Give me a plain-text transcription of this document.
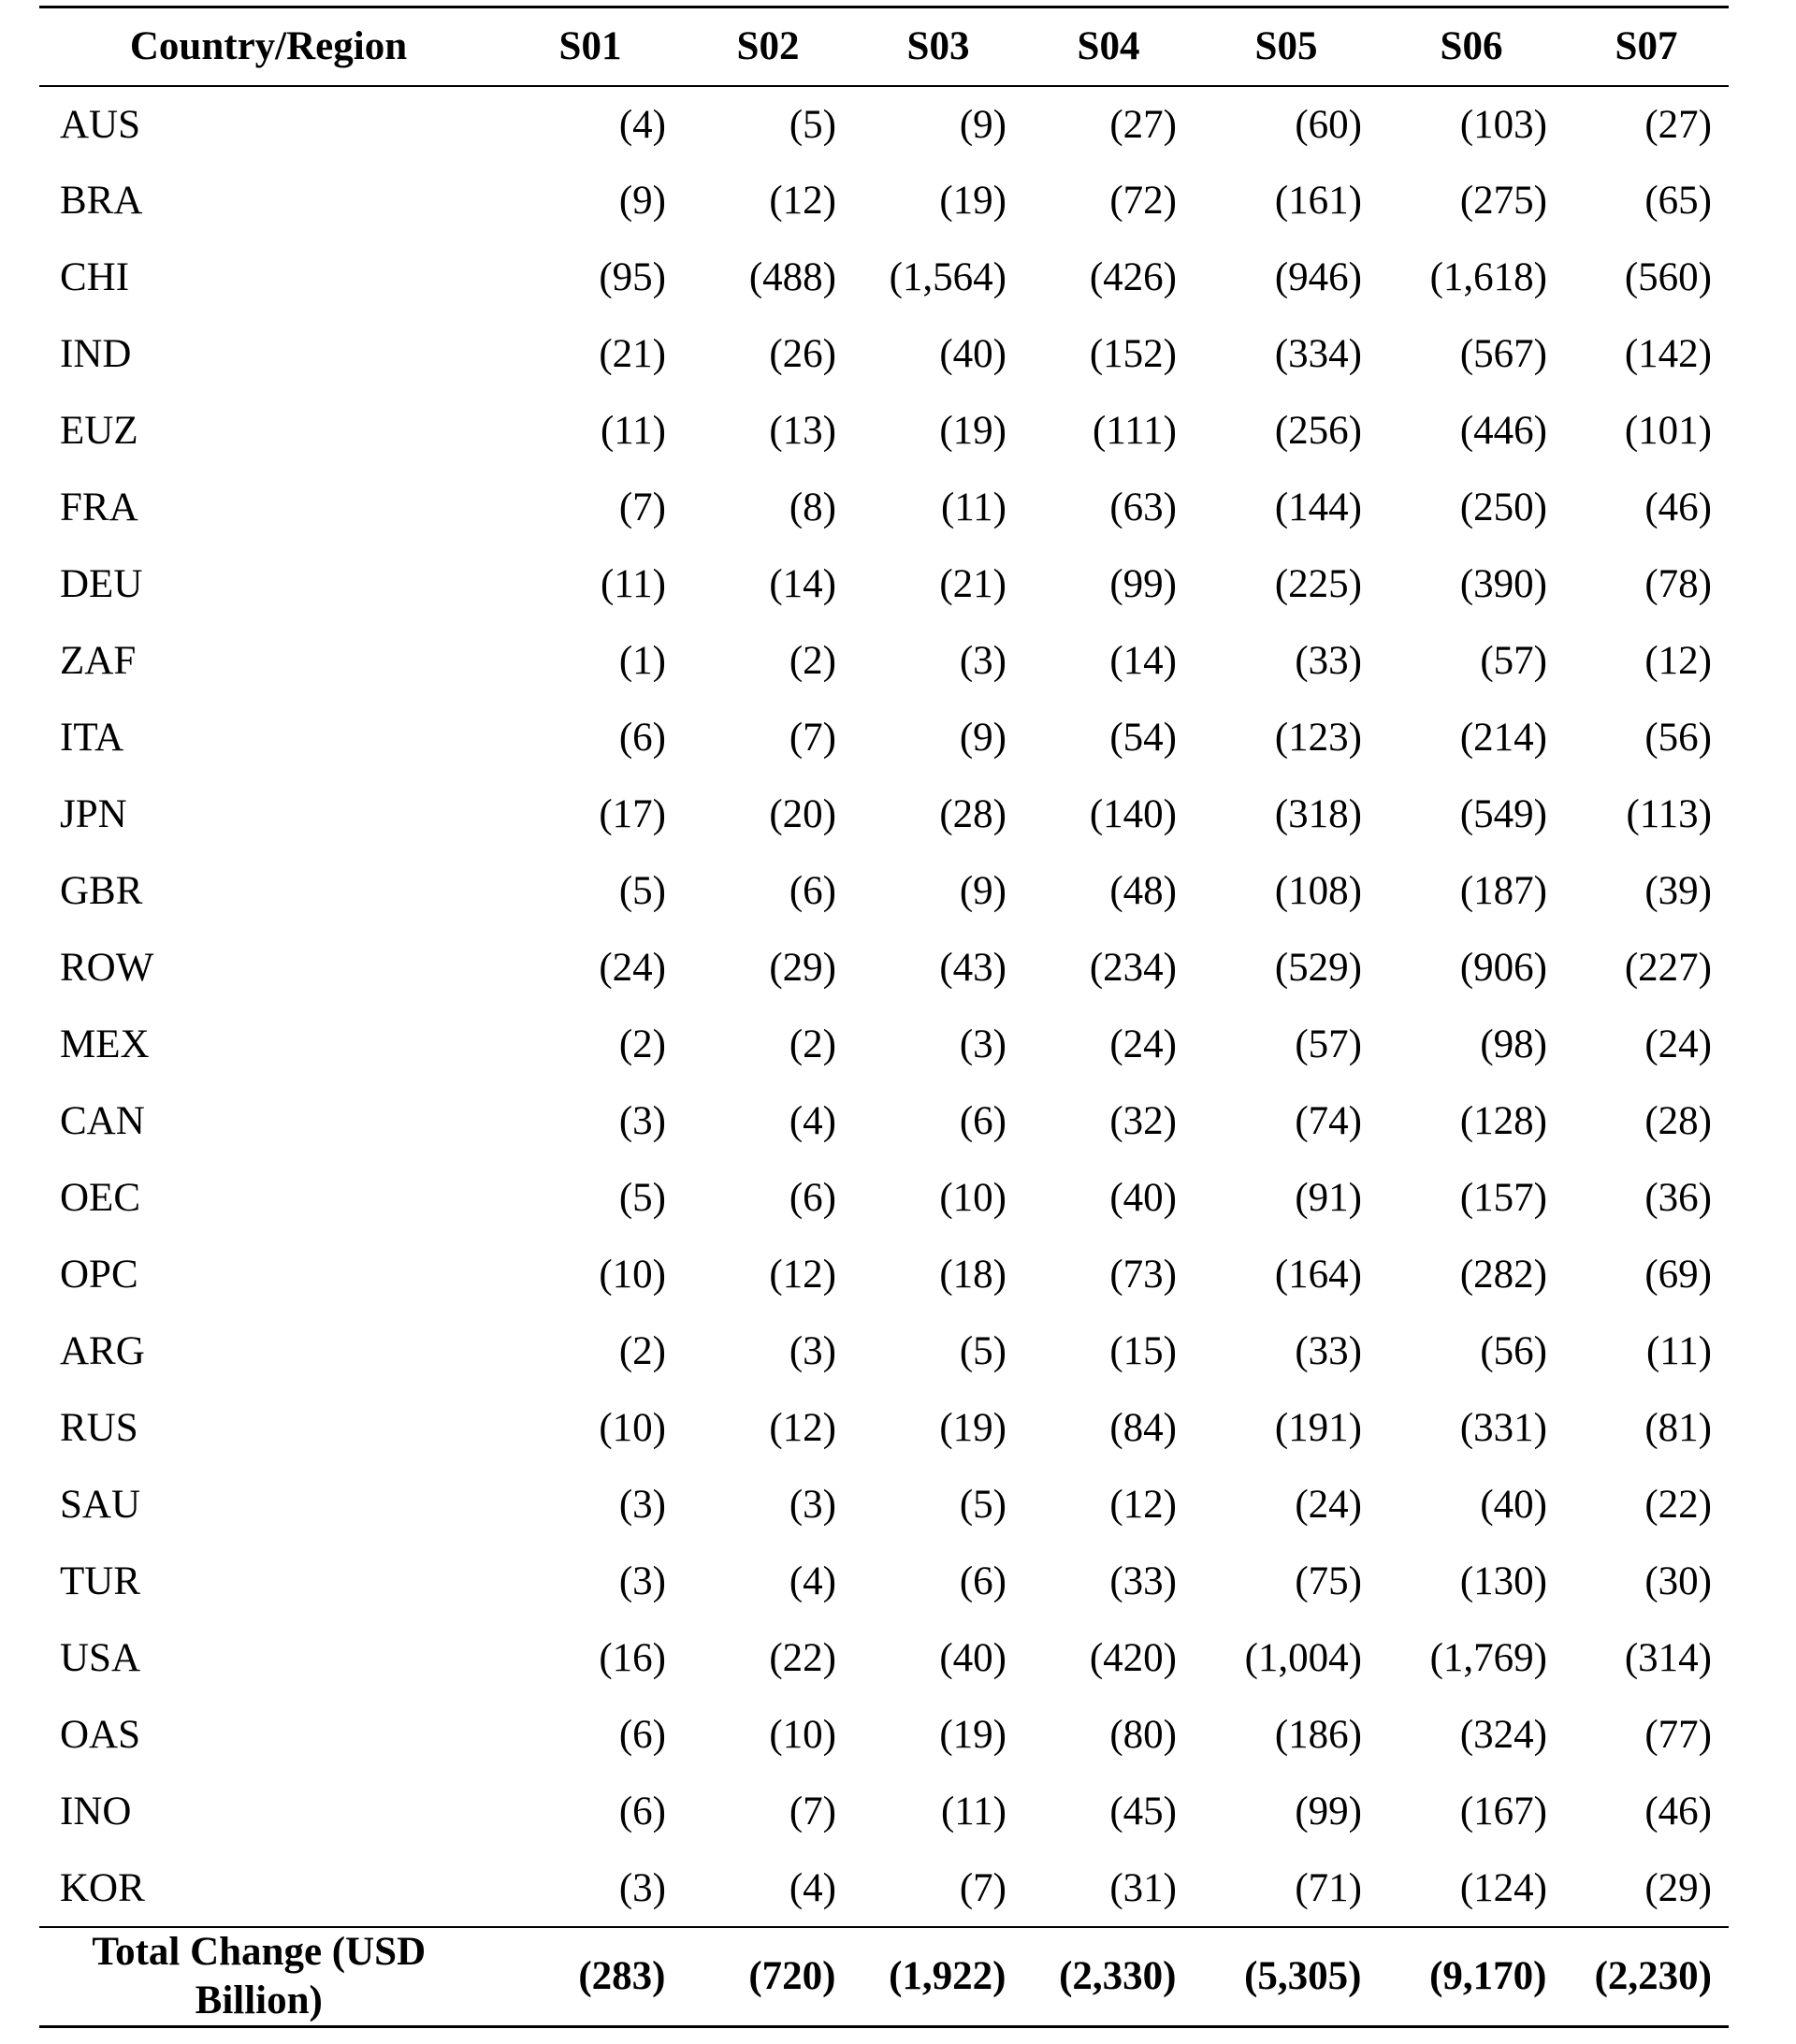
Country/Region	S01	S02	S03	S04	S05	S06	S07
AUS	(4)	(5)	(9)	(27)	(60)	(103)	(27)
BRA	(9)	(12)	(19)	(72)	(161)	(275)	(65)
CHI	(95)	(488)	(1,564)	(426)	(946)	(1,618)	(560)
IND	(21)	(26)	(40)	(152)	(334)	(567)	(142)
EUZ	(11)	(13)	(19)	(111)	(256)	(446)	(101)
FRA	(7)	(8)	(11)	(63)	(144)	(250)	(46)
DEU	(11)	(14)	(21)	(99)	(225)	(390)	(78)
ZAF	(1)	(2)	(3)	(14)	(33)	(57)	(12)
ITA	(6)	(7)	(9)	(54)	(123)	(214)	(56)
JPN	(17)	(20)	(28)	(140)	(318)	(549)	(113)
GBR	(5)	(6)	(9)	(48)	(108)	(187)	(39)
ROW	(24)	(29)	(43)	(234)	(529)	(906)	(227)
MEX	(2)	(2)	(3)	(24)	(57)	(98)	(24)
CAN	(3)	(4)	(6)	(32)	(74)	(128)	(28)
OEC	(5)	(6)	(10)	(40)	(91)	(157)	(36)
OPC	(10)	(12)	(18)	(73)	(164)	(282)	(69)
ARG	(2)	(3)	(5)	(15)	(33)	(56)	(11)
RUS	(10)	(12)	(19)	(84)	(191)	(331)	(81)
SAU	(3)	(3)	(5)	(12)	(24)	(40)	(22)
TUR	(3)	(4)	(6)	(33)	(75)	(130)	(30)
USA	(16)	(22)	(40)	(420)	(1,004)	(1,769)	(314)
OAS	(6)	(10)	(19)	(80)	(186)	(324)	(77)
INO	(6)	(7)	(11)	(45)	(99)	(167)	(46)
KOR	(3)	(4)	(7)	(31)	(71)	(124)	(29)
Total Change (USD Billion)	(283)	(720)	(1,922)	(2,330)	(5,305)	(9,170)	(2,230)
